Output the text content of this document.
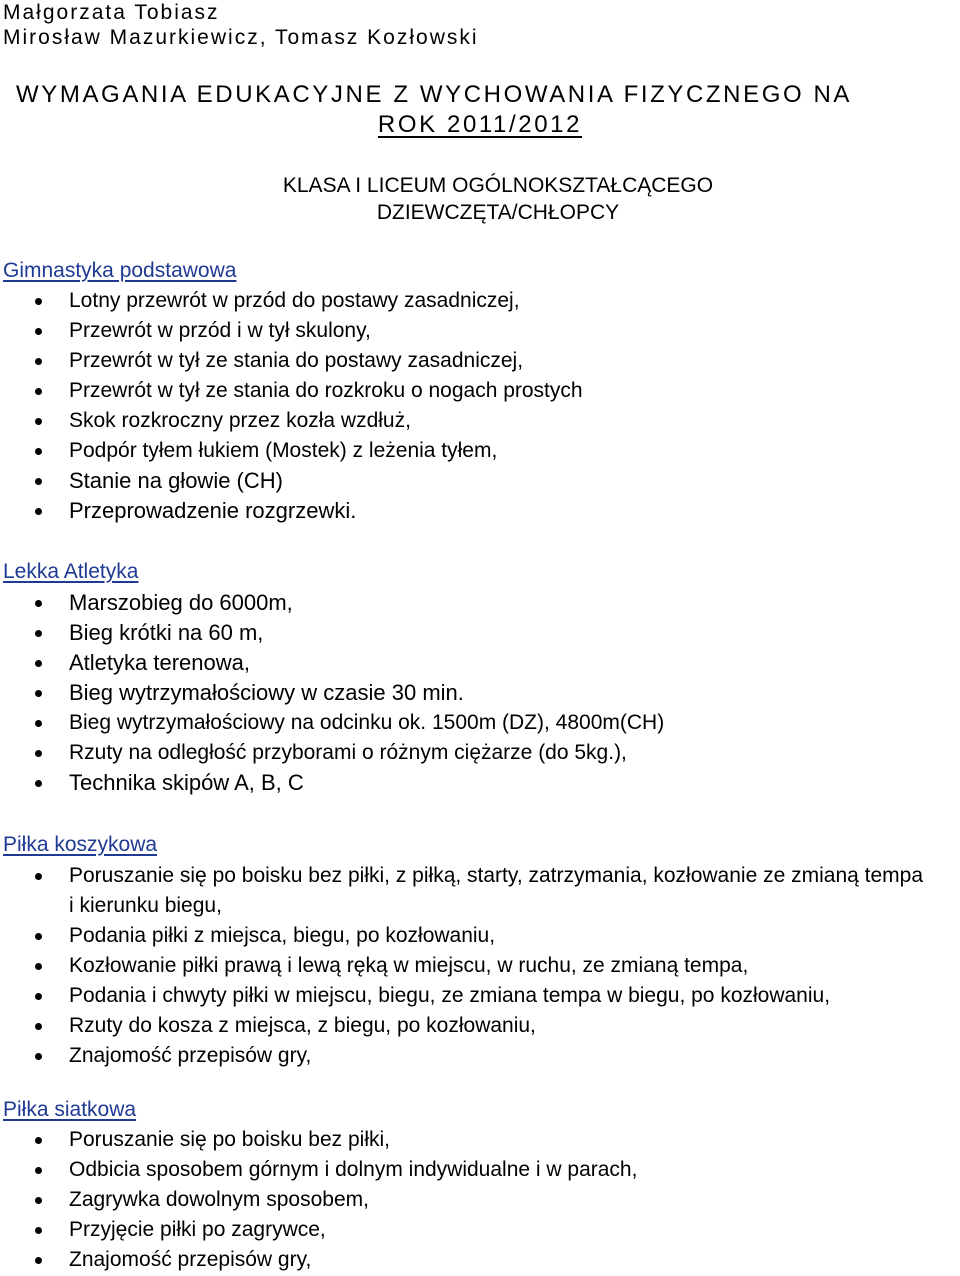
Małgorzata Tobiasz
Mirosław Mazurkiewicz, Tomasz Kozłowski
WYMAGANIA EDUKACYJNE Z WYCHOWANIA FIZYCZNEGO NA
ROK 2011/2012
KLASA I LICEUM OGÓLNOKSZTAŁCĄCEGO
DZIEWCZĘTA/CHŁOPCY
Gimnastyka podstawowa
Lotny przewrót w przód do postawy zasadniczej,
Przewrót w przód i w tył skulony,
Przewrót w tył ze stania do postawy zasadniczej,
Przewrót w tył ze stania do rozkroku o nogach prostych
Skok rozkroczny przez kozła wzdłuż,
Podpór tyłem łukiem (Mostek) z leżenia tyłem,
Stanie na głowie (CH)
Przeprowadzenie rozgrzewki.
Lekka Atletyka
Marszobieg do 6000m,
Bieg krótki na 60 m,
Atletyka terenowa,
Bieg wytrzymałościowy w czasie 30 min.
Bieg wytrzymałościowy na odcinku ok. 1500m (DZ), 4800m(CH)
Rzuty na odległość przyborami o różnym ciężarze (do 5kg.),
Technika skipów A, B, C
Piłka koszykowa
Poruszanie się po boisku bez piłki, z piłką, starty, zatrzymania, kozłowanie ze zmianą tempa i kierunku biegu,
Podania piłki z miejsca, biegu, po kozłowaniu,
Kozłowanie piłki prawą i lewą ręką w miejscu, w ruchu, ze zmianą tempa,
Podania i chwyty piłki w miejscu, biegu, ze zmiana tempa w biegu, po kozłowaniu,
Rzuty do kosza z miejsca, z biegu, po kozłowaniu,
Znajomość przepisów gry,
Piłka siatkowa
Poruszanie się po boisku bez piłki,
Odbicia sposobem górnym i dolnym indywidualne i w parach,
Zagrywka dowolnym sposobem,
Przyjęcie piłki po zagrywce,
Znajomość przepisów gry,
